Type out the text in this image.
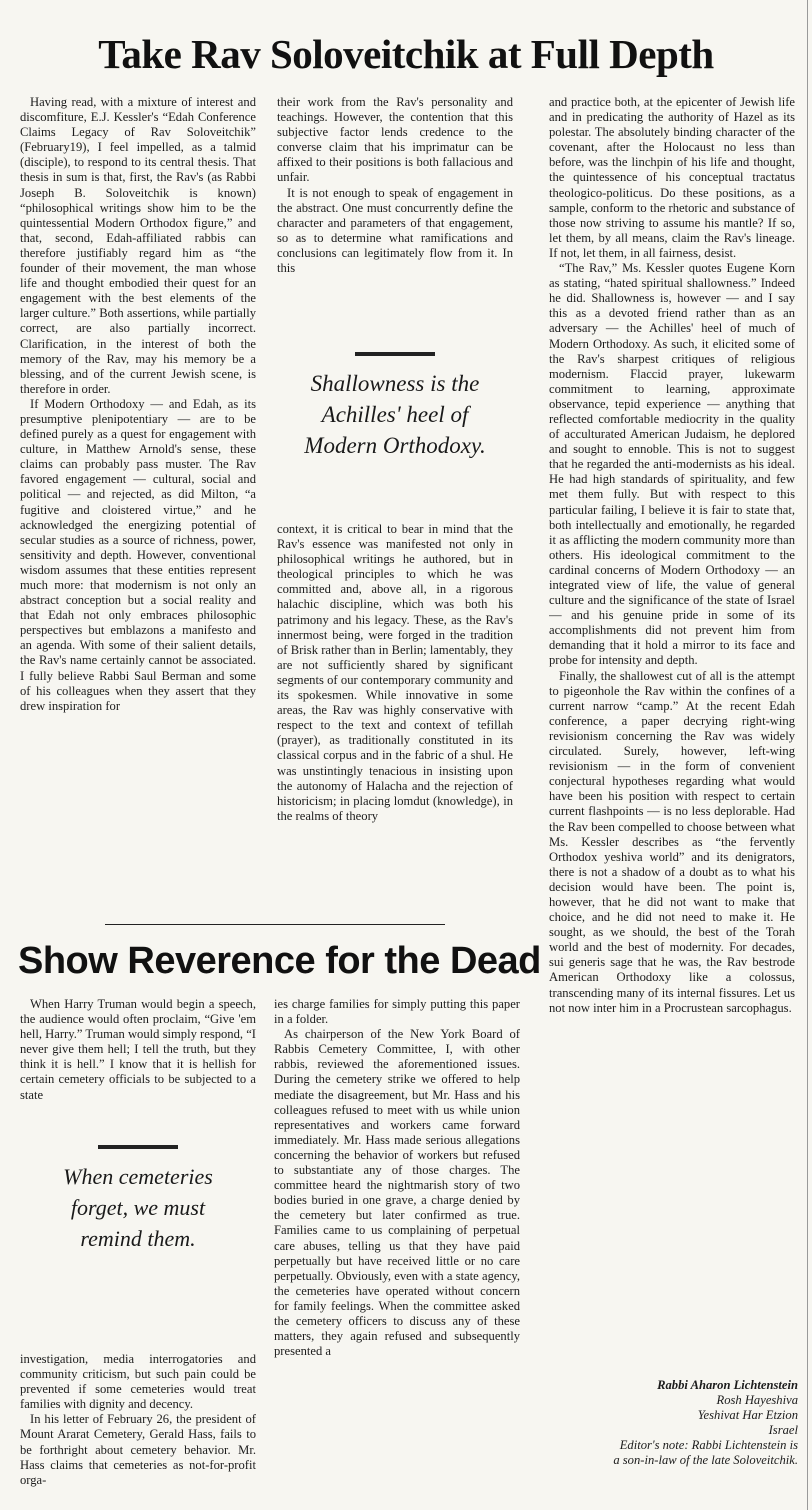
Take Rav Soloveitchik at Full Depth

Having read, with a mixture of interest and discomfiture, E.J. Kessler's “Edah Conference Claims Legacy of Rav Soloveitchik” (February19), I feel impelled, as a talmid (disciple), to respond to its central thesis. That thesis in sum is that, first, the Rav's (as Rabbi Joseph B. Soloveitchik is known) “philosophical writings show him to be the quintessential Modern Orthodox figure,” and that, second, Edah-affiliated rabbis can therefore justifiably regard him as “the founder of their movement, the man whose life and thought embodied their quest for an engagement with the best elements of the larger culture.” Both assertions, while partially correct, are also partially incorrect. Clarification, in the interest of both the memory of the Rav, may his memory be a blessing, and of the current Jewish scene, is therefore in order.

If Modern Orthodoxy — and Edah, as its presumptive plenipotentiary — are to be defined purely as a quest for engagement with culture, in Matthew Arnold's sense, these claims can probably pass muster. The Rav favored engagement — cultural, social and political — and rejected, as did Milton, “a fugitive and cloistered virtue,” and he acknowledged the energizing potential of secular studies as a source of richness, power, sensitivity and depth. However, conventional wisdom assumes that these entities represent much more: that modernism is not only an abstract conception but a social reality and that Edah not only embraces philosophic perspectives but emblazons a manifesto and an agenda. With some of their salient details, the Rav's name certainly cannot be associated. I fully believe Rabbi Saul Berman and some of his colleagues when they assert that they drew inspiration for

their work from the Rav's personality and teachings. However, the contention that this subjective factor lends credence to the converse claim that his imprimatur can be affixed to their positions is both fallacious and unfair.

It is not enough to speak of engagement in the abstract. One must concurrently define the character and parameters of that engagement, so as to determine what ramifications and conclusions can legitimately flow from it. In this

Shallowness is the
Achilles' heel of
Modern Orthodoxy.

context, it is critical to bear in mind that the Rav's essence was manifested not only in philosophical writings he authored, but in theological principles to which he was committed and, above all, in a rigorous halachic discipline, which was both his patrimony and his legacy. These, as the Rav's innermost being, were forged in the tradition of Brisk rather than in Berlin; lamentably, they are not sufficiently shared by significant segments of our contemporary community and its spokesmen. While innovative in some areas, the Rav was highly conservative with respect to the text and context of tefillah (prayer), as traditionally constituted in its classical corpus and in the fabric of a shul. He was unstintingly tenacious in insisting upon the autonomy of Halacha and the rejection of historicism; in placing lomdut (knowledge), in the realms of theory

and practice both, at the epicenter of Jewish life and in predicating the authority of Hazel as its polestar. The absolutely binding character of the covenant, after the Holocaust no less than before, was the linchpin of his life and thought, the quintessence of his conceptual tractatus theologico-politicus. Do these positions, as a sample, conform to the rhetoric and substance of those now striving to assume his mantle? If so, let them, by all means, claim the Rav's lineage. If not, let them, in all fairness, desist.

“The Rav,” Ms. Kessler quotes Eugene Korn as stating, “hated spiritual shallowness.” Indeed he did. Shallowness is, however — and I say this as a devoted friend rather than as an adversary — the Achilles' heel of much of Modern Orthodoxy. As such, it elicited some of the Rav's sharpest critiques of religious modernism. Flaccid prayer, lukewarm commitment to learning, approximate observance, tepid experience — anything that reflected comfortable mediocrity in the quality of acculturated American Judaism, he deplored and sought to ennoble. This is not to suggest that he regarded the anti-modernists as his ideal. He had high standards of spirituality, and few met them fully. But with respect to this particular failing, I believe it is fair to state that, both intellectually and emotionally, he regarded it as afflicting the modern community more than others. His ideological commitment to the cardinal concerns of Modern Orthodoxy — an integrated view of life, the value of general culture and the significance of the state of Israel — and his genuine pride in some of its accomplishments did not prevent him from demanding that it hold a mirror to its face and probe for intensity and depth.

Finally, the shallowest cut of all is the attempt to pigeonhole the Rav within the confines of a current narrow “camp.” At the recent Edah conference, a paper decrying right-wing revisionism concerning the Rav was widely circulated. Surely, however, left-wing revisionism — in the form of convenient conjectural hypotheses regarding what would have been his position with respect to certain current flashpoints — is no less deplorable. Had the Rav been compelled to choose between what Ms. Kessler describes as “the fervently Orthodox yeshiva world” and its denigrators, there is not a shadow of a doubt as to what his decision would have been. The point is, however, that he did not want to make that choice, and he did not need to make it. He sought, as we should, the best of the Torah world and the best of modernity. For decades, sui generis sage that he was, the Rav bestrode American Orthodoxy like a colossus, transcending many of its internal fissures. Let us not now inter him in a Procrustean sarcophagus.

Rabbi Aharon Lichtenstein
Rosh Hayeshiva
Yeshivat Har Etzion
Israel
Editor's note: Rabbi Lichtenstein is
a son-in-law of the late Soloveitchik.
Show Reverence for the Dead

When Harry Truman would begin a speech, the audience would often proclaim, “Give 'em hell, Harry.” Truman would simply respond, “I never give them hell; I tell the truth, but they think it is hell.” I know that it is hellish for certain cemetery officials to be subjected to a state

When cemeteries
forget, we must
remind them.

investigation, media interrogatories and community criticism, but such pain could be prevented if some cemeteries would treat families with dignity and decency.

In his letter of February 26, the president of Mount Ararat Cemetery, Gerald Hass, fails to be forthright about cemetery behavior. Mr. Hass claims that cemeteries as not-for-profit orga-

ies charge families for simply putting this paper in a folder.

As chairperson of the New York Board of Rabbis Cemetery Committee, I, with other rabbis, reviewed the aforementioned issues. During the cemetery strike we offered to help mediate the disagreement, but Mr. Hass and his colleagues refused to meet with us while union representatives and workers came forward immediately. Mr. Hass made serious allegations concerning the behavior of workers but refused to substantiate any of those charges. The committee heard the nightmarish story of two bodies buried in one grave, a charge denied by the cemetery but later confirmed as true. Families came to us complaining of perpetual care abuses, telling us that they have paid perpetually but have received little or no care perpetually. Obviously, even with a state agency, the cemeteries have operated without concern for family feelings. When the committee asked the cemetery officers to discuss any of these matters, they again refused and subsequently presented a
